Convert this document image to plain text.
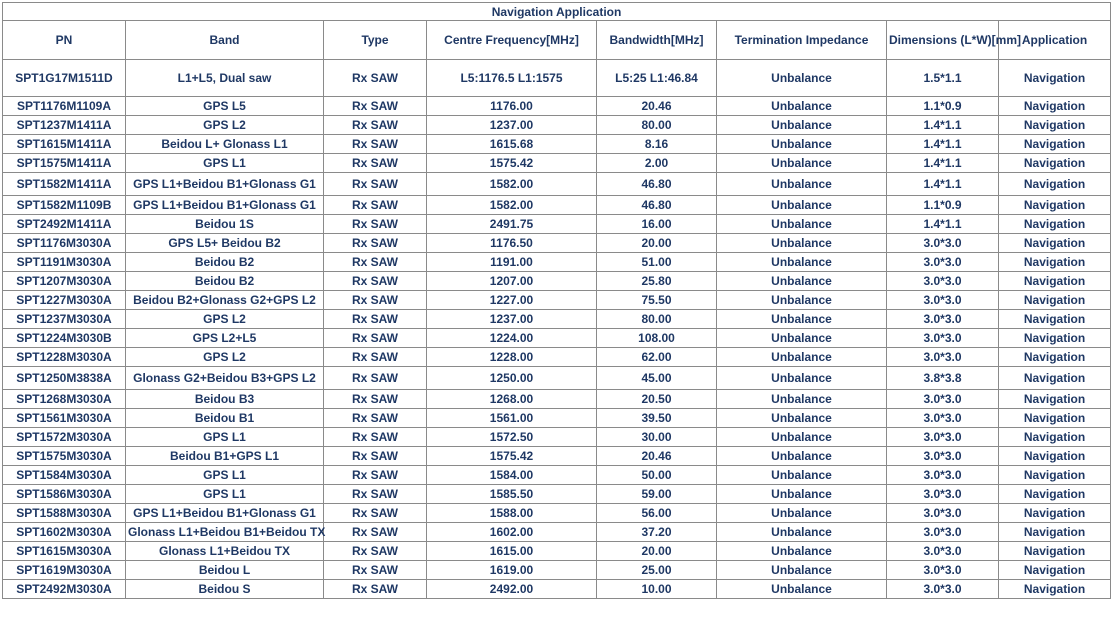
Navigation Application							
PN	Band	Type	Centre Frequency[MHz]	Bandwidth[MHz]	Termination Impedance	Dimensions (L*W)[mm]	Application
SPT1G17M1511D	L1+L5, Dual saw	Rx SAW	L5:1176.5 L1:1575	L5:25 L1:46.84	Unbalance	1.5*1.1	Navigation
SPT1176M1109A	GPS L5	Rx SAW	1176.00	20.46	Unbalance	1.1*0.9	Navigation
SPT1237M1411A	GPS L2	Rx SAW	1237.00	80.00	Unbalance	1.4*1.1	Navigation
SPT1615M1411A	Beidou L+ Glonass L1	Rx SAW	1615.68	8.16	Unbalance	1.4*1.1	Navigation
SPT1575M1411A	GPS L1	Rx SAW	1575.42	2.00	Unbalance	1.4*1.1	Navigation
SPT1582M1411A	GPS L1+Beidou B1+Glonass G1	Rx SAW	1582.00	46.80	Unbalance	1.4*1.1	Navigation
SPT1582M1109B	GPS L1+Beidou B1+Glonass G1	Rx SAW	1582.00	46.80	Unbalance	1.1*0.9	Navigation
SPT2492M1411A	Beidou 1S	Rx SAW	2491.75	16.00	Unbalance	1.4*1.1	Navigation
SPT1176M3030A	GPS L5+ Beidou B2	Rx SAW	1176.50	20.00	Unbalance	3.0*3.0	Navigation
SPT1191M3030A	Beidou B2	Rx SAW	1191.00	51.00	Unbalance	3.0*3.0	Navigation
SPT1207M3030A	Beidou B2	Rx SAW	1207.00	25.80	Unbalance	3.0*3.0	Navigation
SPT1227M3030A	Beidou B2+Glonass G2+GPS L2	Rx SAW	1227.00	75.50	Unbalance	3.0*3.0	Navigation
SPT1237M3030A	GPS L2	Rx SAW	1237.00	80.00	Unbalance	3.0*3.0	Navigation
SPT1224M3030B	GPS L2+L5	Rx SAW	1224.00	108.00	Unbalance	3.0*3.0	Navigation
SPT1228M3030A	GPS L2	Rx SAW	1228.00	62.00	Unbalance	3.0*3.0	Navigation
SPT1250M3838A	Glonass G2+Beidou B3+GPS L2	Rx SAW	1250.00	45.00	Unbalance	3.8*3.8	Navigation
SPT1268M3030A	Beidou B3	Rx SAW	1268.00	20.50	Unbalance	3.0*3.0	Navigation
SPT1561M3030A	Beidou B1	Rx SAW	1561.00	39.50	Unbalance	3.0*3.0	Navigation
SPT1572M3030A	GPS L1	Rx SAW	1572.50	30.00	Unbalance	3.0*3.0	Navigation
SPT1575M3030A	Beidou B1+GPS L1	Rx SAW	1575.42	20.46	Unbalance	3.0*3.0	Navigation
SPT1584M3030A	GPS L1	Rx SAW	1584.00	50.00	Unbalance	3.0*3.0	Navigation
SPT1586M3030A	GPS L1	Rx SAW	1585.50	59.00	Unbalance	3.0*3.0	Navigation
SPT1588M3030A	GPS L1+Beidou B1+Glonass G1	Rx SAW	1588.00	56.00	Unbalance	3.0*3.0	Navigation
SPT1602M3030A	Glonass L1+Beidou B1+Beidou TX	Rx SAW	1602.00	37.20	Unbalance	3.0*3.0	Navigation
SPT1615M3030A	Glonass L1+Beidou TX	Rx SAW	1615.00	20.00	Unbalance	3.0*3.0	Navigation
SPT1619M3030A	Beidou L	Rx SAW	1619.00	25.00	Unbalance	3.0*3.0	Navigation
SPT2492M3030A	Beidou S	Rx SAW	2492.00	10.00	Unbalance	3.0*3.0	Navigation
